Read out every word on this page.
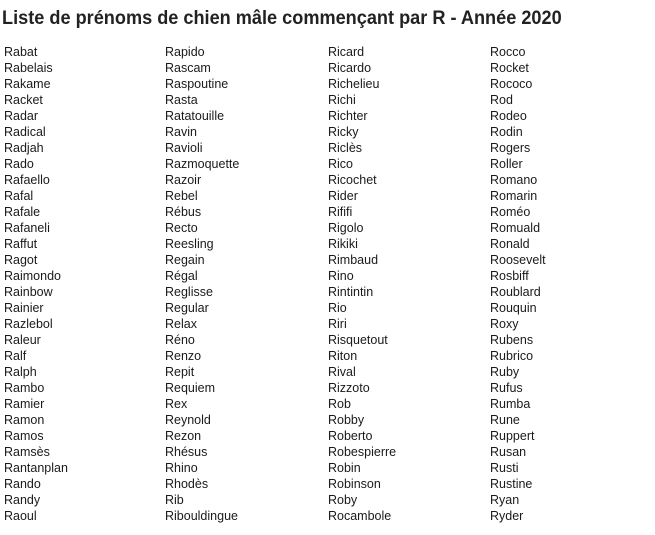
Liste de prénoms de chien mâle commençant par R - Année 2020
Rabat
Rabelais
Rakame
Racket
Radar
Radical
Radjah
Rado
Rafaello
Rafal
Rafale
Rafaneli
Raffut
Ragot
Raimondo
Rainbow
Rainier
Razlebol
Raleur
Ralf
Ralph
Rambo
Ramier
Ramon
Ramos
Ramsès
Rantanplan
Rando
Randy
Raoul
Rapido
Rascam
Raspoutine
Rasta
Ratatouille
Ravin
Ravioli
Razmoquette
Razoir
Rebel
Rébus
Recto
Reesling
Regain
Régal
Reglisse
Regular
Relax
Réno
Renzo
Repit
Requiem
Rex
Reynold
Rezon
Rhésus
Rhino
Rhodès
Rib
Ribouldingue
Ricard
Ricardo
Richelieu
Richi
Richter
Ricky
Riclès
Rico
Ricochet
Rider
Rififi
Rigolo
Rikiki
Rimbaud
Rino
Rintintin
Rio
Riri
Risquetout
Riton
Rival
Rizzoto
Rob
Robby
Roberto
Robespierre
Robin
Robinson
Roby
Rocambole
Rocco
Rocket
Rococo
Rod
Rodeo
Rodin
Rogers
Roller
Romano
Romarin
Roméo
Romuald
Ronald
Roosevelt
Rosbiff
Roublard
Rouquin
Roxy
Rubens
Rubrico
Ruby
Rufus
Rumba
Rune
Ruppert
Rusan
Rusti
Rustine
Ryan
Ryder
